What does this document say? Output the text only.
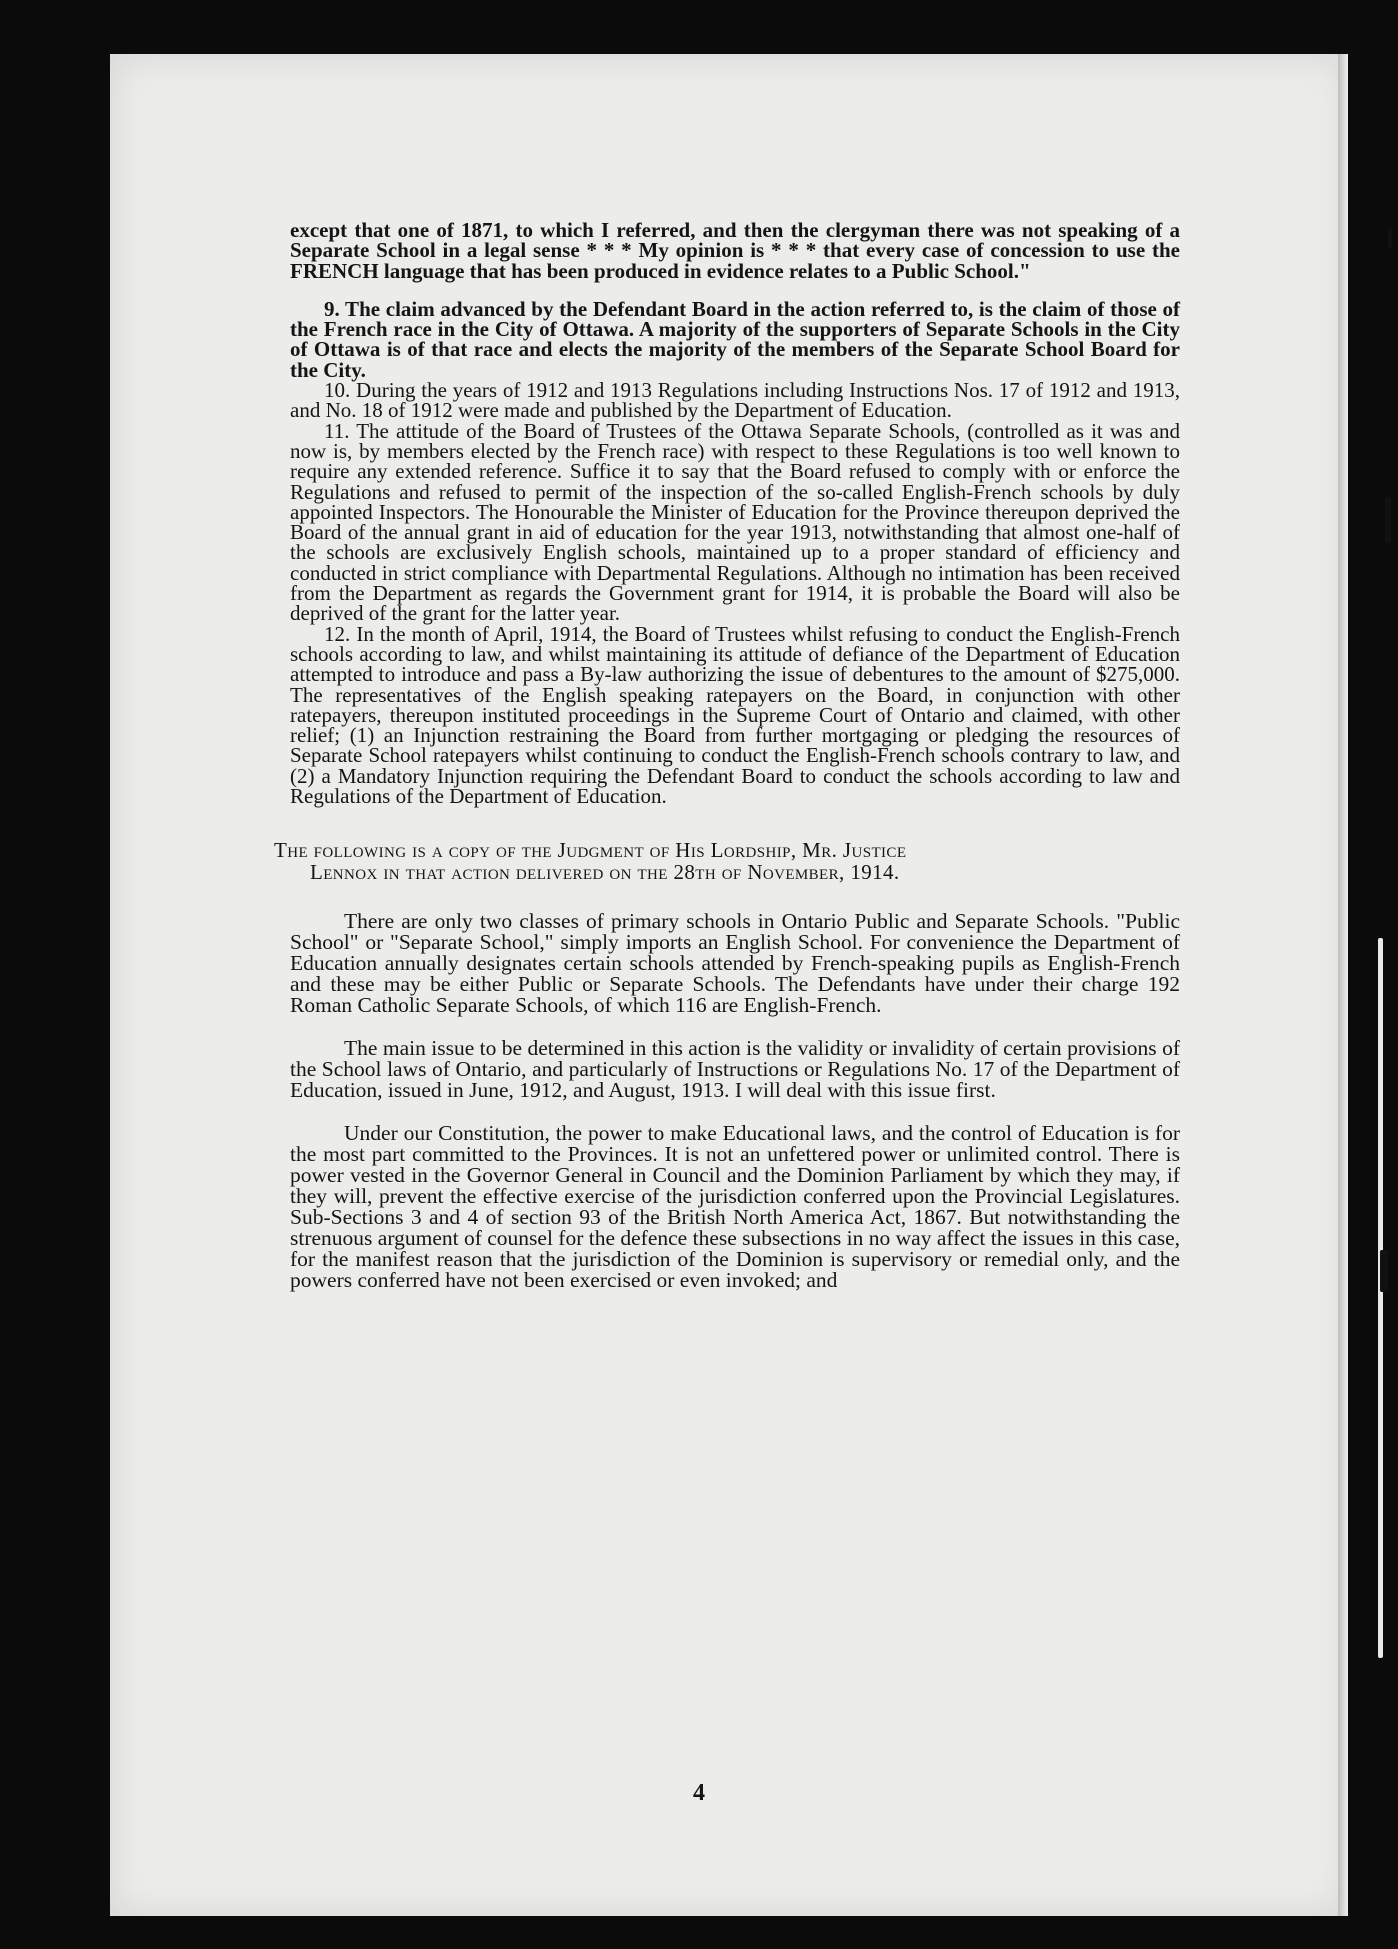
except that one of 1871, to which I referred, and then the clergyman there was not speaking of a Separate School in a legal sense * * * My opinion is * * * that every case of concession to use the FRENCH language that has been produced in evidence relates to a Public School."

9. The claim advanced by the Defendant Board in the action referred to, is the claim of those of the French race in the City of Ottawa. A majority of the supporters of Separate Schools in the City of Ottawa is of that race and elects the majority of the members of the Separate School Board for the City.

10. During the years of 1912 and 1913 Regulations including Instructions Nos. 17 of 1912 and 1913, and No. 18 of 1912 were made and published by the Department of Education.

11. The attitude of the Board of Trustees of the Ottawa Separate Schools, (controlled as it was and now is, by members elected by the French race) with respect to these Regulations is too well known to require any extended reference. Suffice it to say that the Board refused to comply with or enforce the Regulations and refused to permit of the inspection of the so-called English-French schools by duly appointed Inspectors. The Honourable the Minister of Education for the Province thereupon deprived the Board of the annual grant in aid of education for the year 1913, notwithstanding that almost one-half of the schools are exclusively English schools, maintained up to a proper standard of efficiency and conducted in strict compliance with Departmental Regulations. Although no intimation has been received from the Department as regards the Government grant for 1914, it is probable the Board will also be deprived of the grant for the latter year.

12. In the month of April, 1914, the Board of Trustees whilst refusing to conduct the English-French schools according to law, and whilst maintaining its attitude of defiance of the Department of Education attempted to introduce and pass a By-law authorizing the issue of debentures to the amount of $275,000. The representatives of the English speaking ratepayers on the Board, in conjunction with other ratepayers, thereupon instituted proceedings in the Supreme Court of Ontario and claimed, with other relief; (1) an Injunction restraining the Board from further mortgaging or pledging the resources of Separate School ratepayers whilst continuing to conduct the English-French schools contrary to law, and (2) a Mandatory Injunction requiring the Defendant Board to conduct the schools according to law and Regulations of the Department of Education.

The following is a copy of the Judgment of His Lordship, Mr. Justice
Lennox in that action delivered on the 28th of November, 1914.

There are only two classes of primary schools in Ontario Public and Separate Schools. "Public School" or "Separate School," simply imports an English School. For convenience the Department of Education annually designates certain schools attended by French-speaking pupils as English-French and these may be either Public or Separate Schools. The Defendants have under their charge 192 Roman Catholic Separate Schools, of which 116 are English-French.

The main issue to be determined in this action is the validity or invalidity of certain provisions of the School laws of Ontario, and particularly of Instructions or Regulations No. 17 of the Department of Education, issued in June, 1912, and August, 1913. I will deal with this issue first.

Under our Constitution, the power to make Educational laws, and the control of Education is for the most part committed to the Provinces. It is not an unfettered power or unlimited control. There is power vested in the Governor General in Council and the Dominion Parliament by which they may, if they will, prevent the effective exercise of the jurisdiction conferred upon the Provincial Legislatures. Sub-Sections 3 and 4 of section 93 of the British North America Act, 1867. But notwithstanding the strenuous argument of counsel for the defence these subsections in no way affect the issues in this case, for the manifest reason that the jurisdiction of the Dominion is supervisory or remedial only, and the powers conferred have not been exercised or even invoked; and

4
